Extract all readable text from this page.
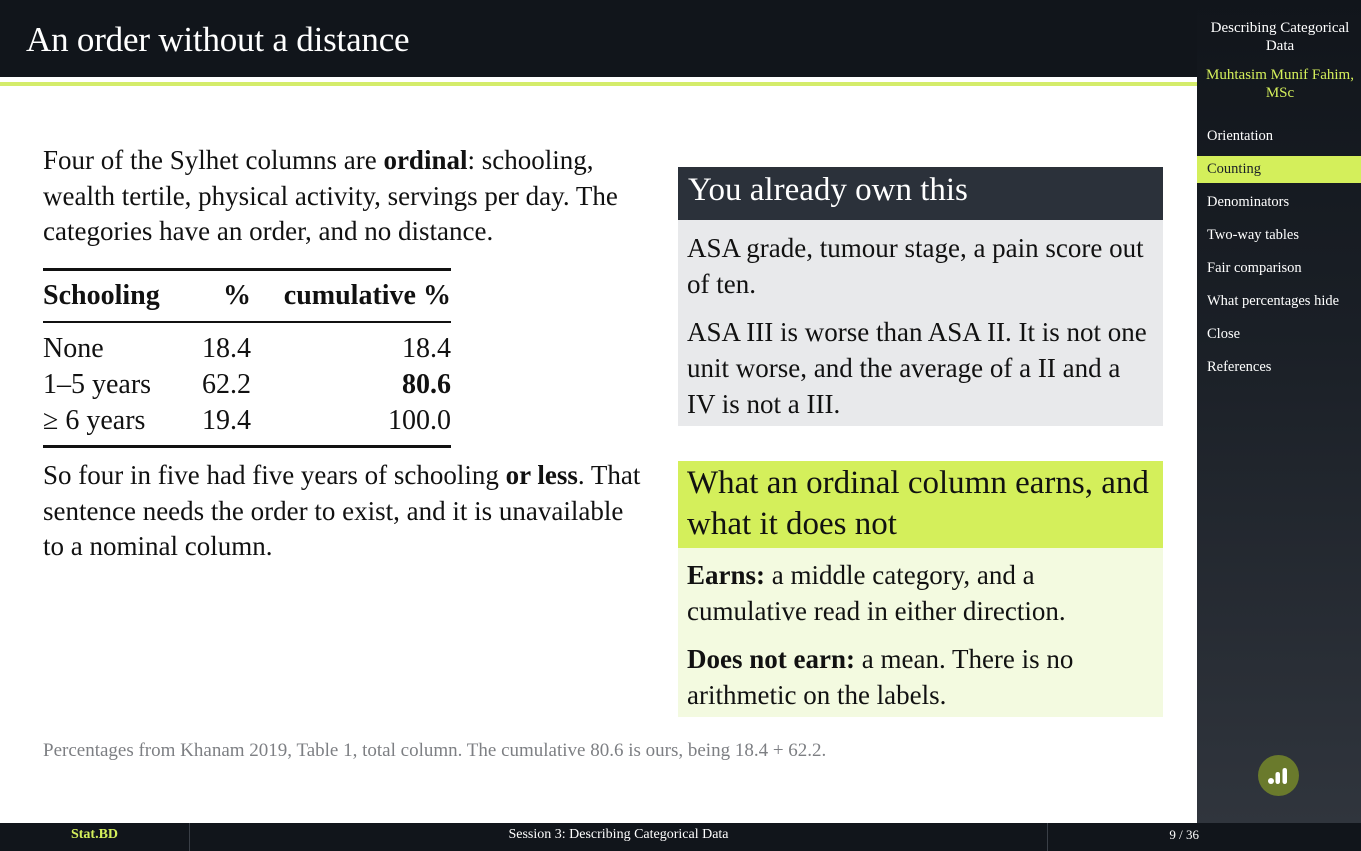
An order without a distance

Four of the Sylhet columns are ordinal: schooling, wealth tertile, physical activity, servings per day. The categories have an order, and no distance.

Schooling	%	cumulative %
None	18.4	18.4
1–5 years	62.2	80.6
≥ 6 years	19.4	100.0

So four in five had five years of schooling or less. That sentence needs the order to exist, and it is unavailable to a nominal column.

You already own this

ASA grade, tumour stage, a pain score out of ten.

ASA III is worse than ASA II. It is not one unit worse, and the average of a II and a IV is not a III.

What an ordinal column earns, and what it does not

Earns: a middle category, and a cumulative read in either direction.

Does not earn: a mean. There is no arithmetic on the labels.

Percentages from Khanam 2019, Table 1, total column. The cumulative 80.6 is ours, being 18.4 + 62.2.

Describing Categorical Data

Muhtasim Munif Fahim, MSc

Orientation
Counting
Denominators
Two-way tables
Fair comparison
What percentages hide
Close
References
Stat.BD	Session 3: Describing Categorical Data	9 / 36
